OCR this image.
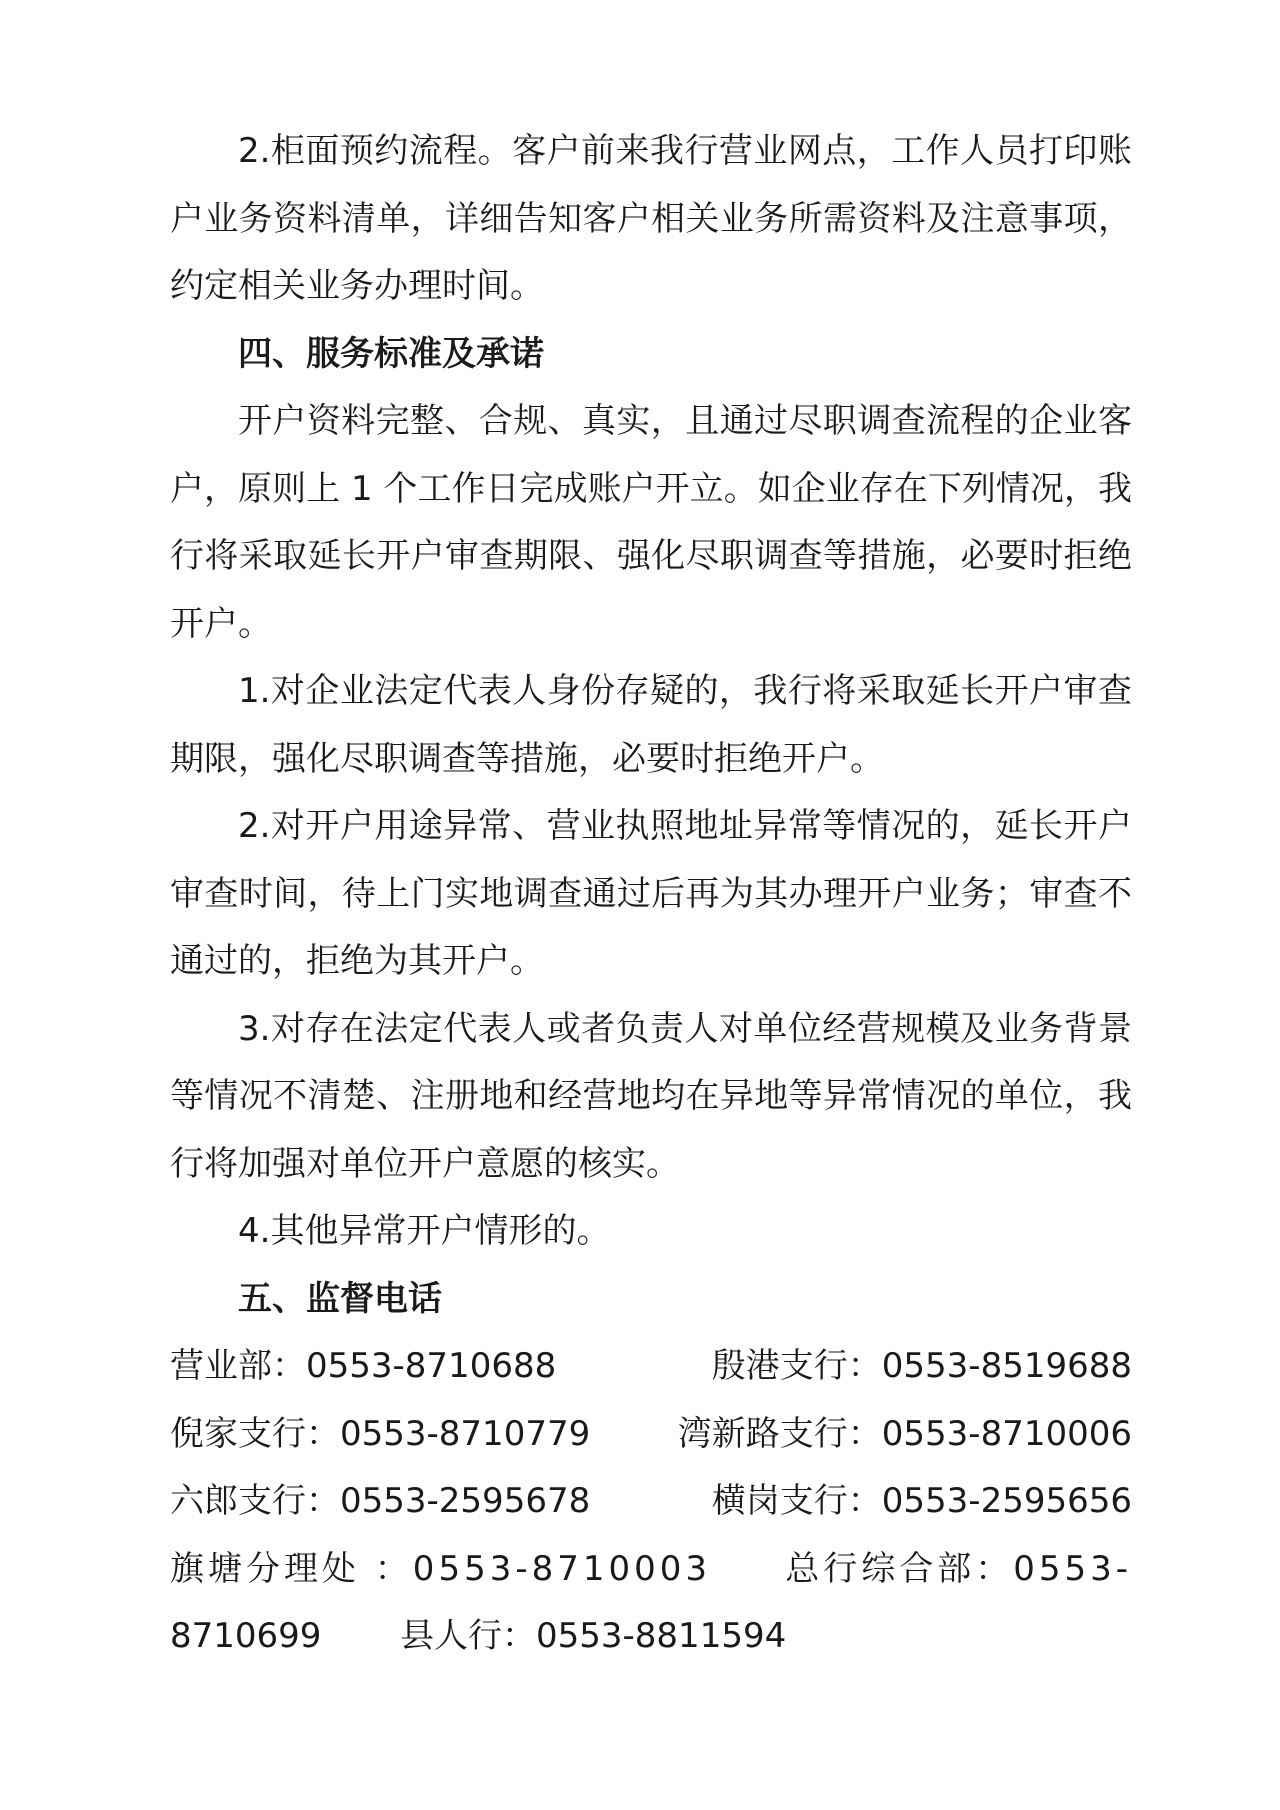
2.柜面预约流程。客户前来我行营业网点，工作人员打印账户业务资料清单，详细告知客户相关业务所需资料及注意事项，约定相关业务办理时间。

四、服务标准及承诺

开户资料完整、合规、真实，且通过尽职调查流程的企业客户，原则上 1 个工作日完成账户开立。如企业存在下列情况，我行将采取延长开户审查期限、强化尽职调查等措施，必要时拒绝开户。

1.对企业法定代表人身份存疑的，我行将采取延长开户审查期限，强化尽职调查等措施，必要时拒绝开户。

2.对开户用途异常、营业执照地址异常等情况的，延长开户审查时间，待上门实地调查通过后再为其办理开户业务；审查不通过的，拒绝为其开户。

3.对存在法定代表人或者负责人对单位经营规模及业务背景等情况不清楚、注册地和经营地均在异地等异常情况的单位，我行将加强对单位开户意愿的核实。

4.其他异常开户情形的。

五、监督电话

营业部：0553-8710688	殷港支行：0553-8519688
倪家支行：0553-8710779	湾新路支行：0553-8710006
六郎支行：0553-2595678	横岗支行：0553-2595656
旗塘分理处 ：0553-8710003 总行综合部：0553-
8710699 县人行：0553-8811594
